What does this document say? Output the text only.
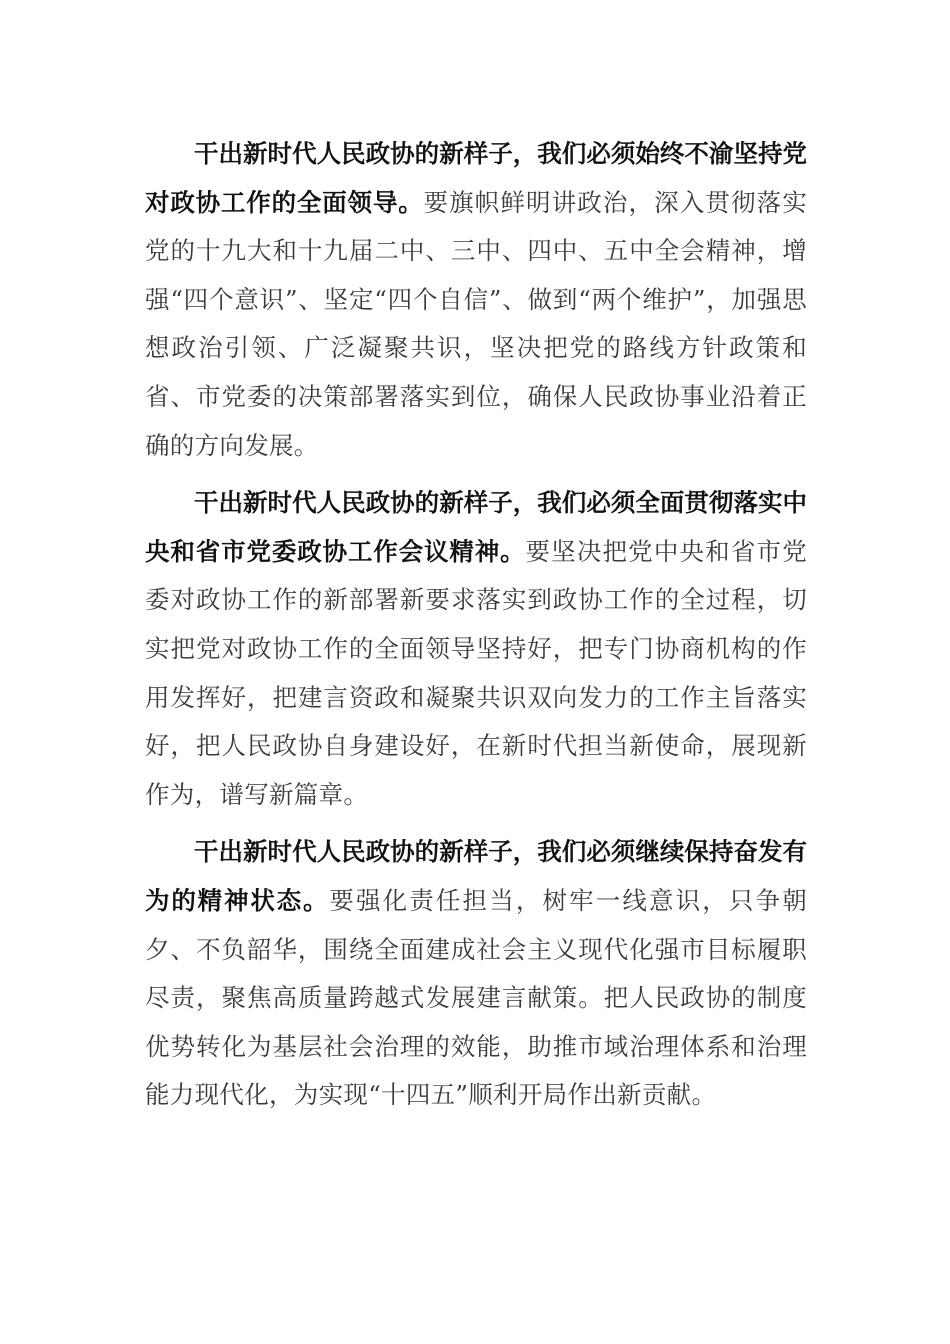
干出新时代人民政协的新样子，我们必须始终不渝坚持党对政协工作的全面领导。要旗帜鲜明讲政治，深入贯彻落实党的十九大和十九届二中、三中、四中、五中全会精神，增强“四个意识”、坚定“四个自信”、做到“两个维护”，加强思想政治引领、广泛凝聚共识，坚决把党的路线方针政策和省、市党委的决策部署落实到位，确保人民政协事业沿着正确的方向发展。

干出新时代人民政协的新样子，我们必须全面贯彻落实中央和省市党委政协工作会议精神。要坚决把党中央和省市党委对政协工作的新部署新要求落实到政协工作的全过程，切实把党对政协工作的全面领导坚持好，把专门协商机构的作用发挥好，把建言资政和凝聚共识双向发力的工作主旨落实好，把人民政协自身建设好，在新时代担当新使命，展现新作为，谱写新篇章。

干出新时代人民政协的新样子，我们必须继续保持奋发有为的精神状态。要强化责任担当，树牢一线意识，只争朝夕、不负韶华，围绕全面建成社会主义现代化强市目标履职尽责，聚焦高质量跨越式发展建言献策。把人民政协的制度优势转化为基层社会治理的效能，助推市域治理体系和治理能力现代化，为实现“十四五”顺利开局作出新贡献。
